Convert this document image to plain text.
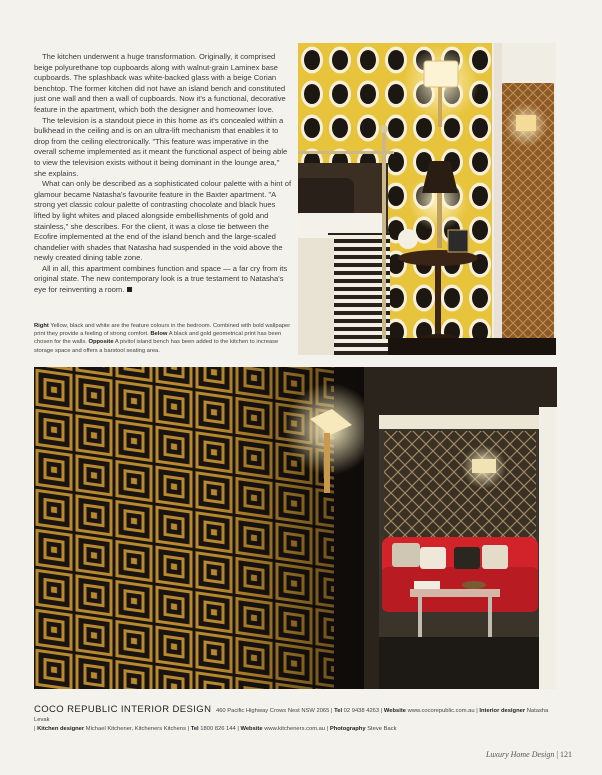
The kitchen underwent a huge transformation. Originally, it comprised beige polyurethane top cupboards along with walnut-grain Laminex base cupboards. The splashback was white-backed glass with a beige Corian benchtop. The former kitchen did not have an island bench and constituted just one wall and then a wall of cupboards. Now it's a functional, decorative feature in the apartment, which both the designer and homeowner love.

The television is a standout piece in this home as it's concealed within a bulkhead in the ceiling and is on an ultra-lift mechanism that enables it to drop from the ceiling electronically. "This feature was imperative in the overall scheme implemented as it meant the functional aspect of being able to view the television exists without it being dominant in the lounge area," she explains.

What can only be described as a sophisticated colour palette with a hint of glamour became Natasha's favourite feature in the Baxter apartment. "A strong yet classic colour palette of contrasting chocolate and black hues lifted by light whites and placed alongside embellishments of gold and stainless," she describes. For the client, it was a close tie between the Ecofire implemented at the end of the island bench and the large-scaled chandelier with shades that Natasha had suspended in the void above the newly created dining table zone.

All in all, this apartment combines function and space — a far cry from its original state. The new contemporary look is a true testament to Natasha's eye for reinventing a room.

Right Yellow, black and white are the feature colours in the bedroom. Combined with bold wallpaper print they provide a feeling of strong comfort. Below A black and gold geometrical print has been chosen for the walls. Opposite A pivitol island bench has been added to the kitchen to increase storage space and offers a barstool seating area.
COCO REPUBLIC INTERIOR DESIGN 460 Pacific Highway Crows Nest NSW 2065 | Tel 02 9438 4263 | Website www.cocorepublic.com.au | Interior designer Natasha Levak
| Kitchen designer Michael Kitchener, Kitcheners Kitchens | Tel 1800 826 144 | Website www.kitcheners.com.au | Photography Steve Back
Luxury Home Design | 121
